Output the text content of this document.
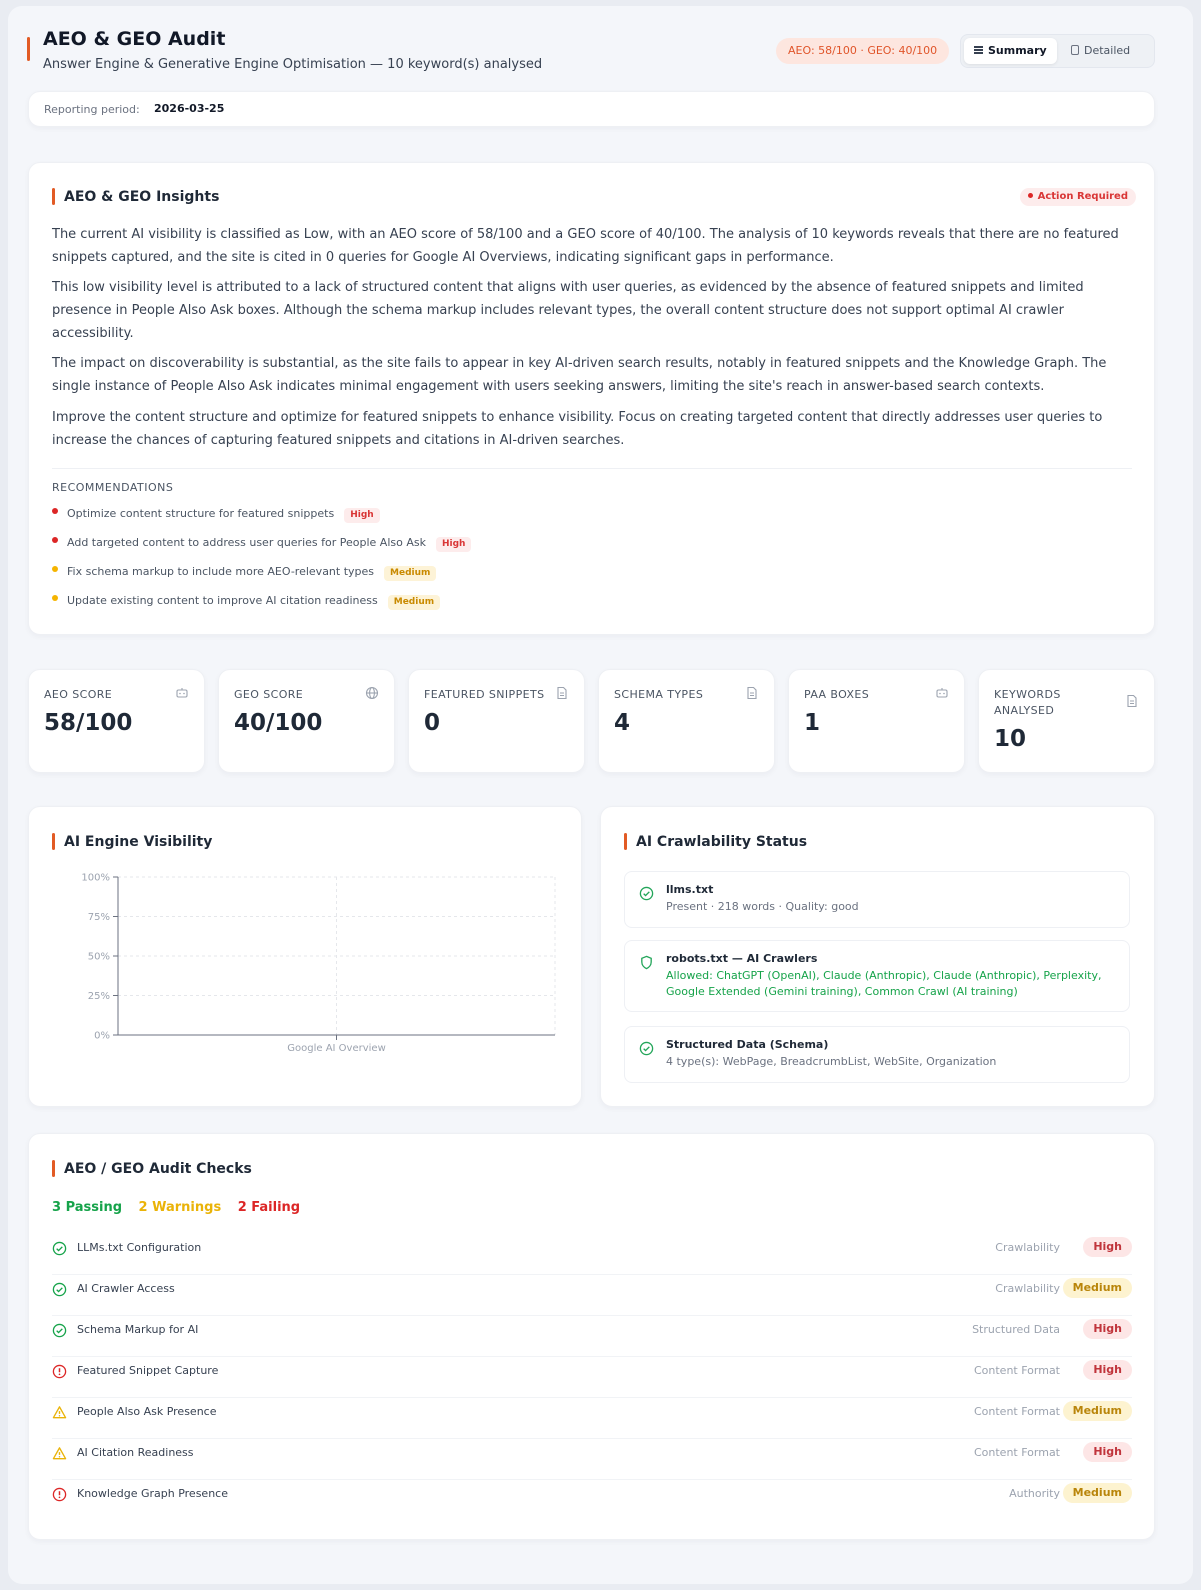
AEO & GEO Audit
Answer Engine & Generative Engine Optimisation — 10 keyword(s) analysed
AEO: 58/100 · GEO: 40/100	Summary	Detailed
Reporting period: 2026-03-25
AEO & GEO Insights	Action Required
The current AI visibility is classified as Low, with an AEO score of 58/100 and a GEO score of 40/100. The analysis of 10 keywords reveals that there are no featured snippets captured, and the site is cited in 0 queries for Google AI Overviews, indicating significant gaps in performance.
This low visibility level is attributed to a lack of structured content that aligns with user queries, as evidenced by the absence of featured snippets and limited presence in People Also Ask boxes. Although the schema markup includes relevant types, the overall content structure does not support optimal AI crawler accessibility.
The impact on discoverability is substantial, as the site fails to appear in key AI-driven search results, notably in featured snippets and the Knowledge Graph. The single instance of People Also Ask indicates minimal engagement with users seeking answers, limiting the site's reach in answer-based search contexts.
Improve the content structure and optimize for featured snippets to enhance visibility. Focus on creating targeted content that directly addresses user queries to increase the chances of capturing featured snippets and citations in AI-driven searches.
RECOMMENDATIONS
Optimize content structure for featured snippets High
Add targeted content to address user queries for People Also Ask High
Fix schema markup to include more AEO-relevant types Medium
Update existing content to improve AI citation readiness Medium
AEO SCORE
58/100
GEO SCORE
40/100
FEATURED SNIPPETS
0
SCHEMA TYPES
4
PAA BOXES
1
KEYWORDS ANALYSED
10
AI Engine Visibility
0%
25%
50%
75%
100%
Google AI Overview
AI Crawlability Status
llms.txt
Present · 218 words · Quality: good
robots.txt — AI Crawlers
Allowed: ChatGPT (OpenAI), Claude (Anthropic), Claude (Anthropic), Perplexity, Google Extended (Gemini training), Common Crawl (AI training)
Structured Data (Schema)
4 type(s): WebPage, BreadcrumbList, WebSite, Organization
AEO / GEO Audit Checks
3 Passing 2 Warnings 2 Failing
LLMs.txt Configuration	Crawlability	High
AI Crawler Access	Crawlability	Medium
Schema Markup for AI	Structured Data	High
Featured Snippet Capture	Content Format	High
People Also Ask Presence	Content Format	Medium
AI Citation Readiness	Content Format	High
Knowledge Graph Presence	Authority	Medium
